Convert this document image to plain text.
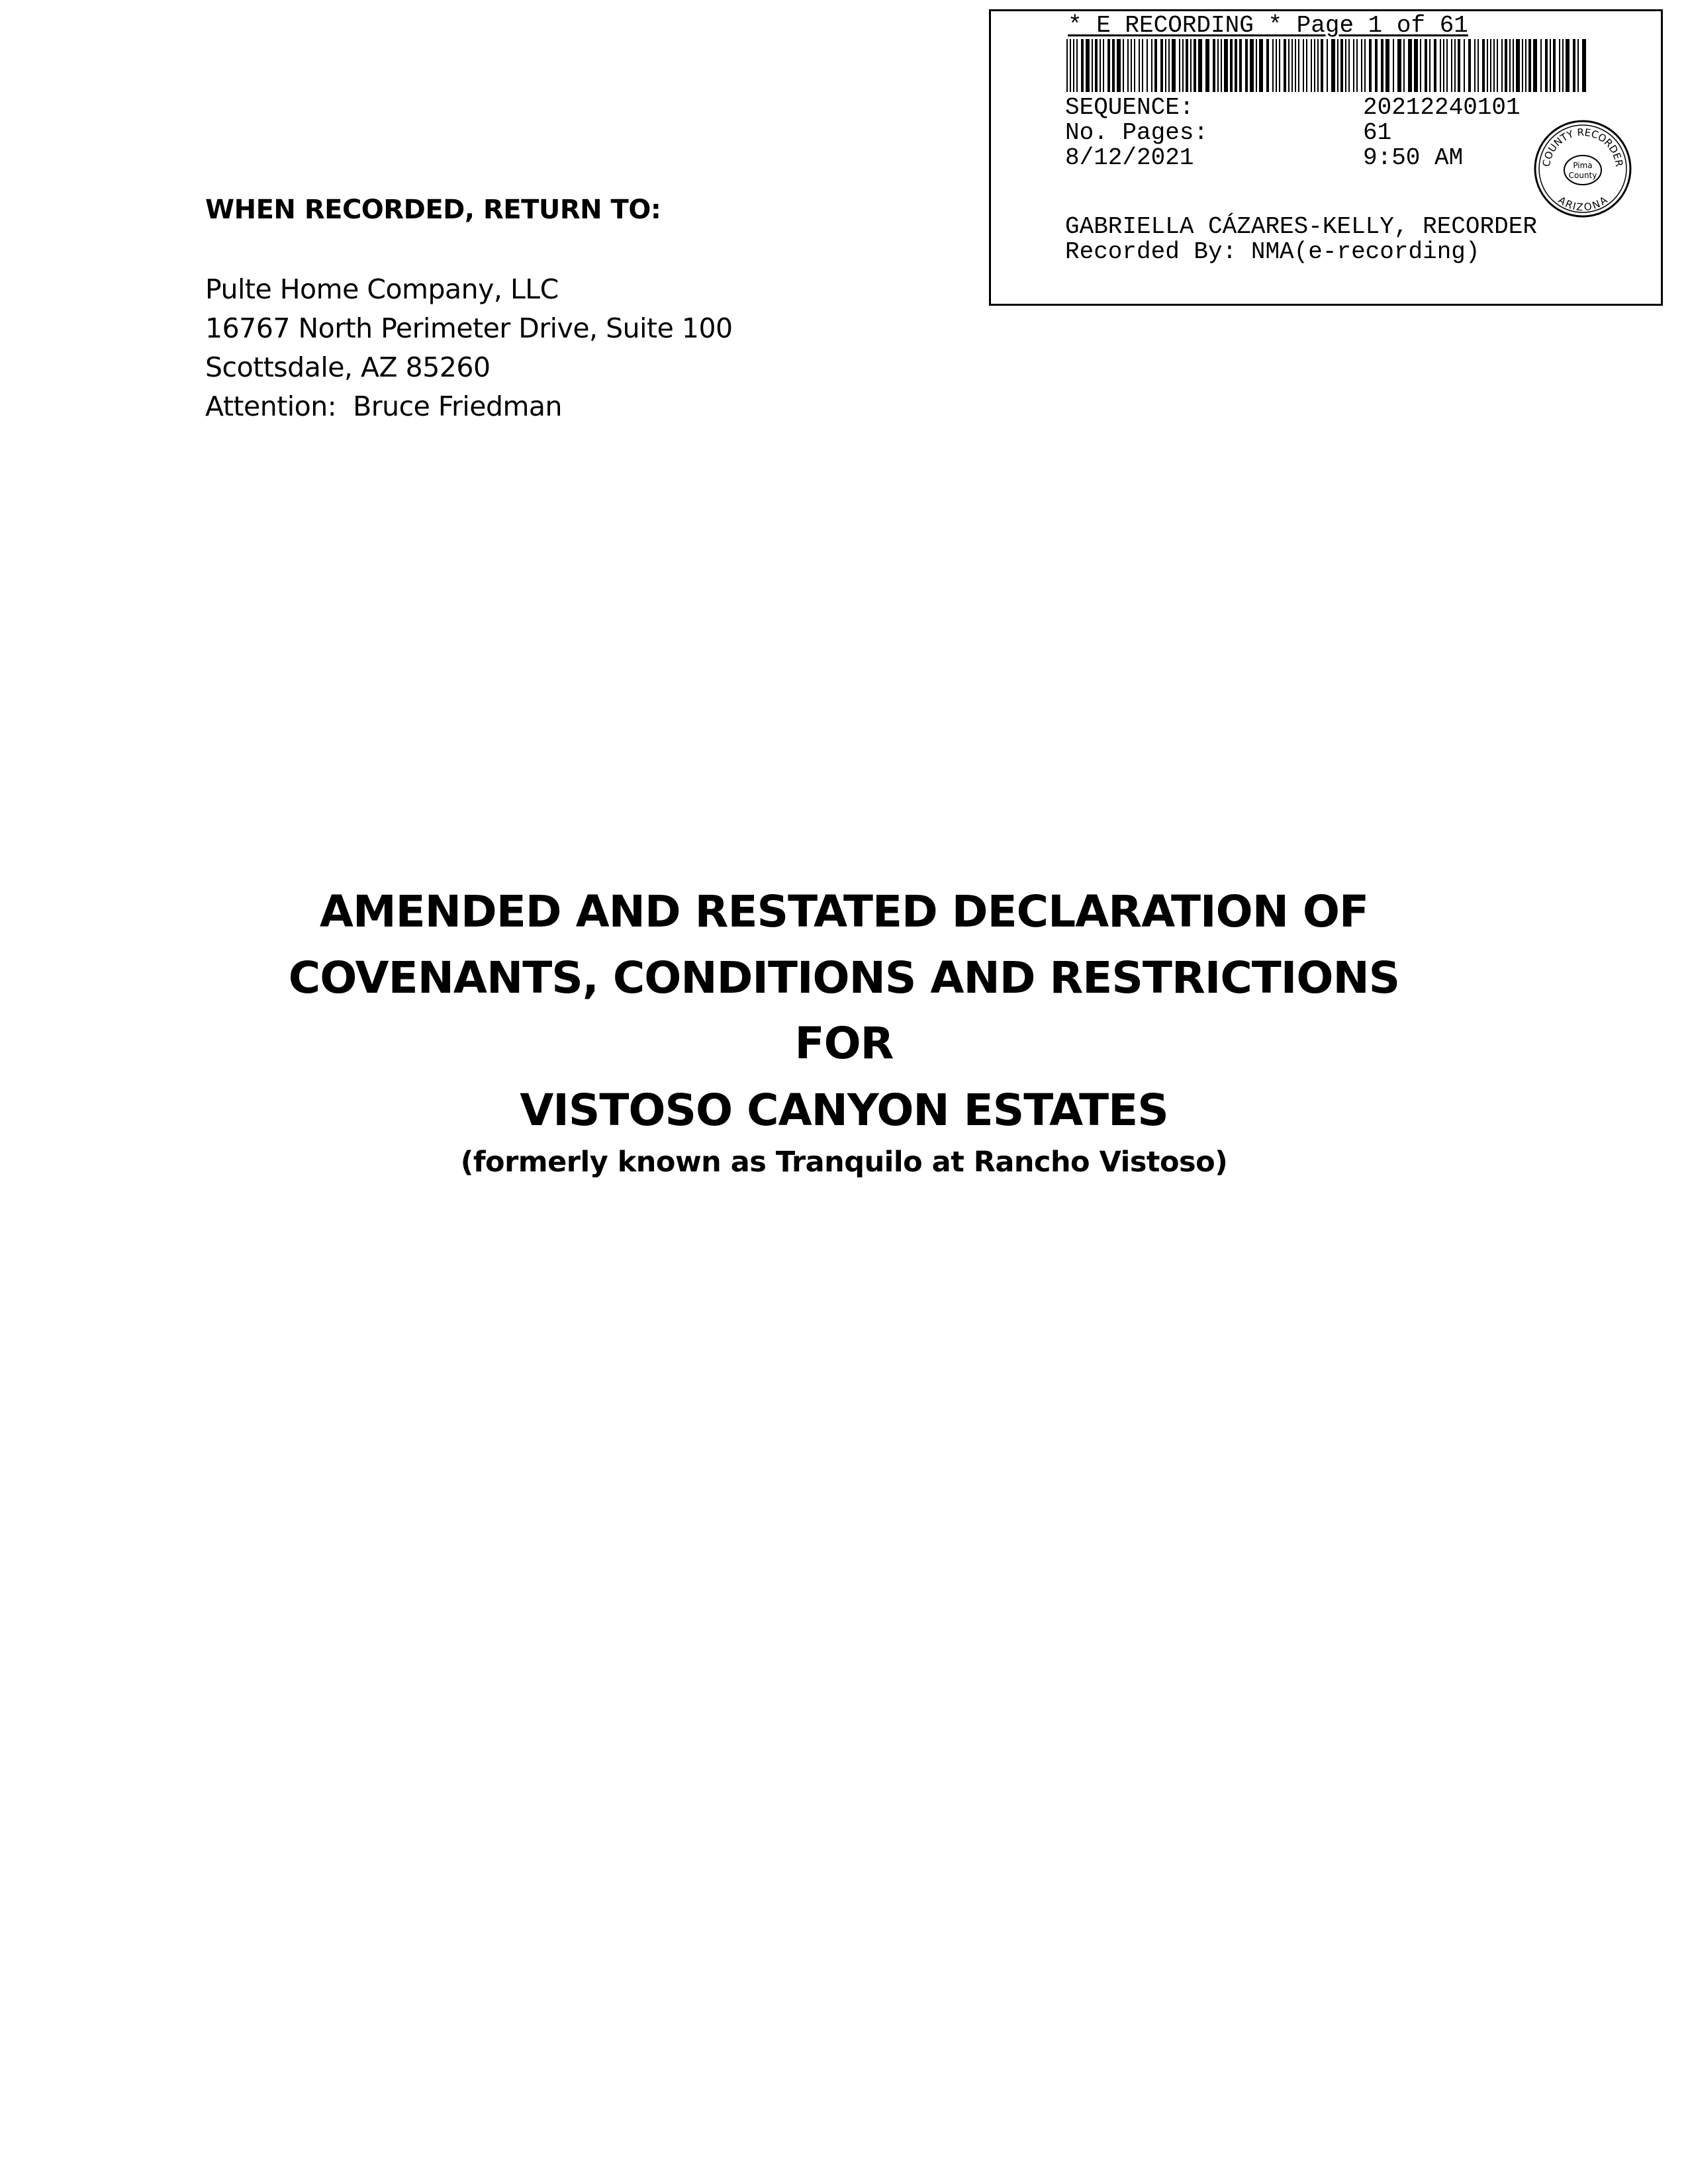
* E RECORDING * Page 1 of 61
SEQUENCE:	20212240101
No. Pages:	61
8/12/2021	9:50 AM
GABRIELLA CÁZARES-KELLY, RECORDER
Recorded By: NMA(e-recording)
COUNTY RECORDER
ARIZONA
Pima
County
WHEN RECORDED, RETURN TO:
Pulte Home Company, LLC
16767 North Perimeter Drive, Suite 100
Scottsdale, AZ 85260
Attention:  Bruce Friedman
AMENDED AND RESTATED DECLARATION OF
COVENANTS, CONDITIONS AND RESTRICTIONS
FOR
VISTOSO CANYON ESTATES
(formerly known as Tranquilo at Rancho Vistoso)
